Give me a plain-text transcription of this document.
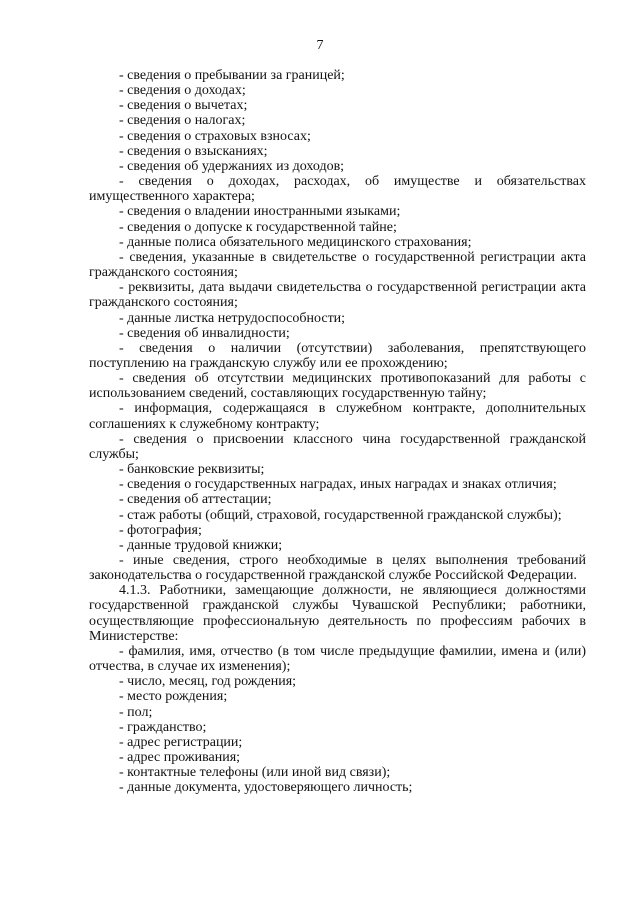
7

- сведения о пребывании за границей;

- сведения о доходах;

- сведения о вычетах;

- сведения о налогах;

- сведения о страховых взносах;

- сведения о взысканиях;

- сведения об удержаниях из доходов;

- сведения о доходах, расходах, об имуществе и обязательствах имущественного характера;

- сведения о владении иностранными языками;

- сведения о допуске к государственной тайне;

- данные полиса обязательного медицинского страхования;

- сведения, указанные в свидетельстве о государственной регистрации акта гражданского состояния;

- реквизиты, дата выдачи свидетельства о государственной регистрации акта гражданского состояния;

- данные листка нетрудоспособности;

- сведения об инвалидности;

- сведения о наличии (отсутствии) заболевания, препятствующего поступлению на гражданскую службу или ее прохождению;

- сведения об отсутствии медицинских противопоказаний для работы с использованием сведений, составляющих государственную тайну;

- информация, содержащаяся в служебном контракте, дополнительных соглашениях к служебному контракту;

- сведения о присвоении классного чина государственной гражданской службы;

- банковские реквизиты;

- сведения о государственных наградах, иных наградах и знаках отличия;

- сведения об аттестации;

- стаж работы (общий, страховой, государственной гражданской службы);

- фотография;

- данные трудовой книжки;

- иные сведения, строго необходимые в целях выполнения требований законодательства о государственной гражданской службе Российской Федерации.

4.1.3. Работники, замещающие должности, не являющиеся должностями государственной гражданской службы Чувашской Республики; работники, осуществляющие профессиональную деятельность по профессиям рабочих в Министерстве:

- фамилия, имя, отчество (в том числе предыдущие фамилии, имена и (или) отчества, в случае их изменения);

- число, месяц, год рождения;

- место рождения;

- пол;

- гражданство;

- адрес регистрации;

- адрес проживания;

- контактные телефоны (или иной вид связи);

- данные документа, удостоверяющего личность;
